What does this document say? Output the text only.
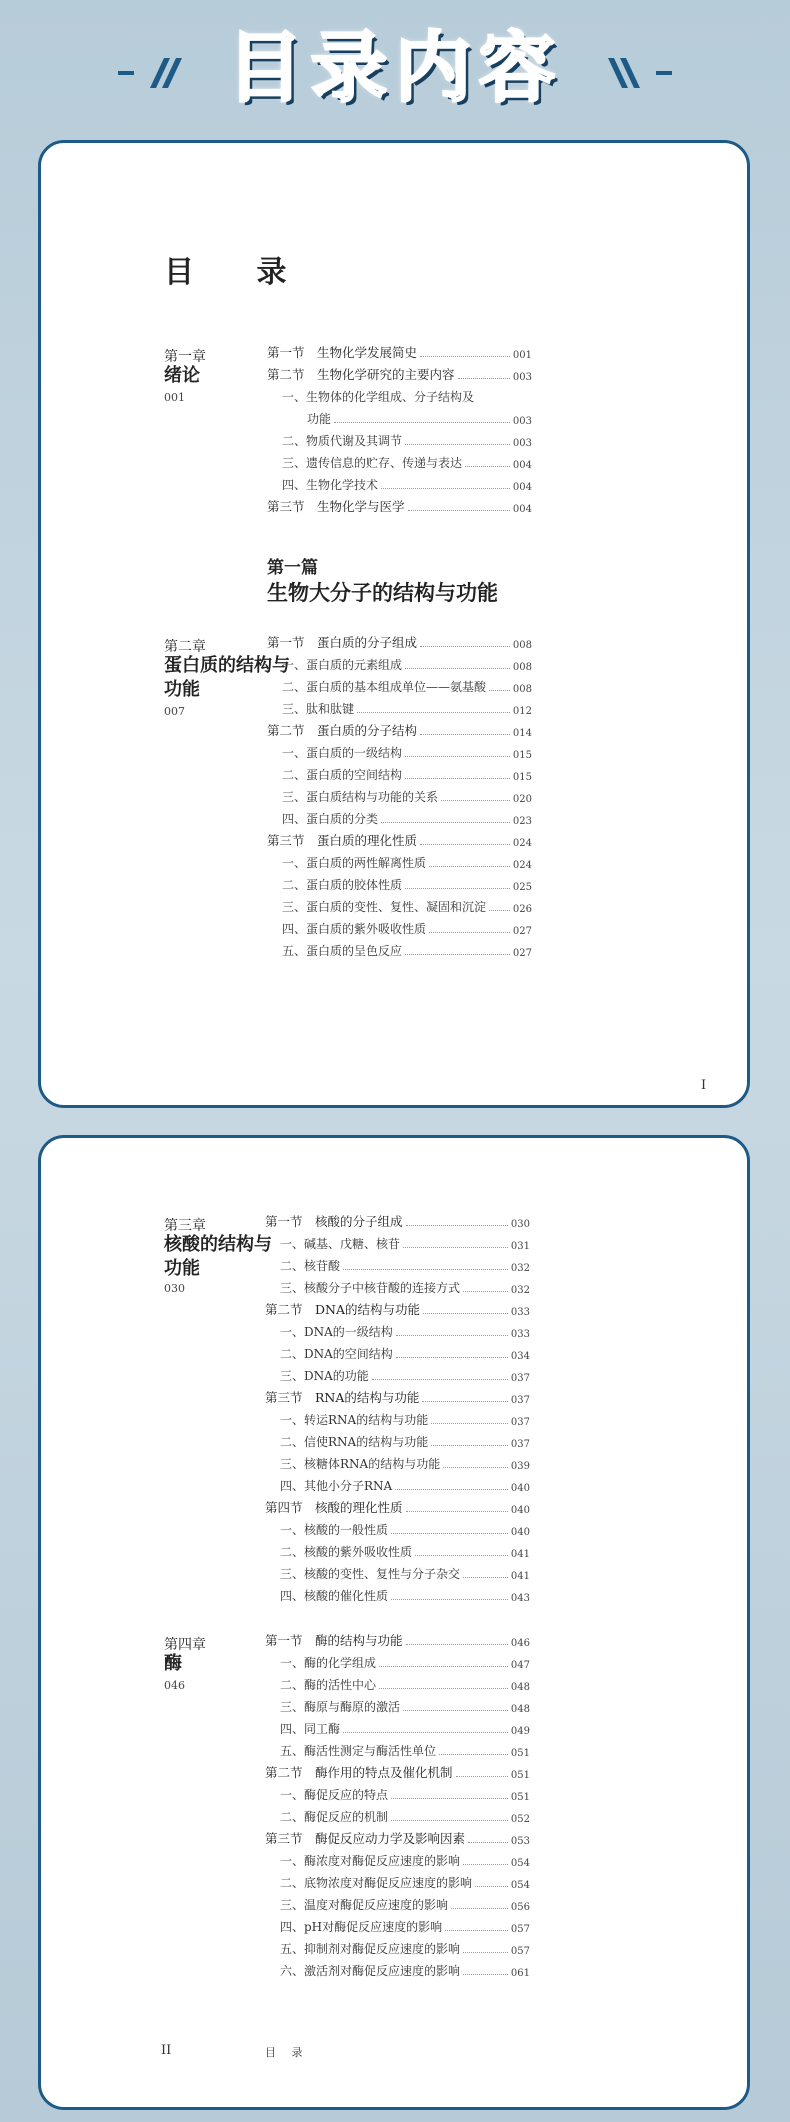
目录内容
目 录
第一章
绪论
001
第一节　生物化学发展简史	001
第二节　生物化学研究的主要内容	003
一、生物体的化学组成、分子结构及
功能	003
二、物质代谢及其调节	003
三、遗传信息的贮存、传递与表达	004
四、生物化学技术	004
第三节　生物化学与医学	004
第一篇
生物大分子的结构与功能
第二章
蛋白质的结构与功能
007
第一节　蛋白质的分子组成	008
一、蛋白质的元素组成	008
二、蛋白质的基本组成单位——氨基酸	008
三、肽和肽键	012
第二节　蛋白质的分子结构	014
一、蛋白质的一级结构	015
二、蛋白质的空间结构	015
三、蛋白质结构与功能的关系	020
四、蛋白质的分类	023
第三节　蛋白质的理化性质	024
一、蛋白质的两性解离性质	024
二、蛋白质的胶体性质	025
三、蛋白质的变性、复性、凝固和沉淀	026
四、蛋白质的紫外吸收性质	027
五、蛋白质的呈色反应	027
I
第三章
核酸的结构与功能
030
第一节　核酸的分子组成	030
一、碱基、戊糖、核苷	031
二、核苷酸	032
三、核酸分子中核苷酸的连接方式	032
第二节　DNA的结构与功能	033
一、DNA的一级结构	033
二、DNA的空间结构	034
三、DNA的功能	037
第三节　RNA的结构与功能	037
一、转运RNA的结构与功能	037
二、信使RNA的结构与功能	037
三、核糖体RNA的结构与功能	039
四、其他小分子RNA	040
第四节　核酸的理化性质	040
一、核酸的一般性质	040
二、核酸的紫外吸收性质	041
三、核酸的变性、复性与分子杂交	041
四、核酸的催化性质	043
第四章
酶
046
第一节　酶的结构与功能	046
一、酶的化学组成	047
二、酶的活性中心	048
三、酶原与酶原的激活	048
四、同工酶	049
五、酶活性测定与酶活性单位	051
第二节　酶作用的特点及催化机制	051
一、酶促反应的特点	051
二、酶促反应的机制	052
第三节　酶促反应动力学及影响因素	053
一、酶浓度对酶促反应速度的影响	054
二、底物浓度对酶促反应速度的影响	054
三、温度对酶促反应速度的影响	056
四、pH对酶促反应速度的影响	057
五、抑制剂对酶促反应速度的影响	057
六、激活剂对酶促反应速度的影响	061
II	目 录
